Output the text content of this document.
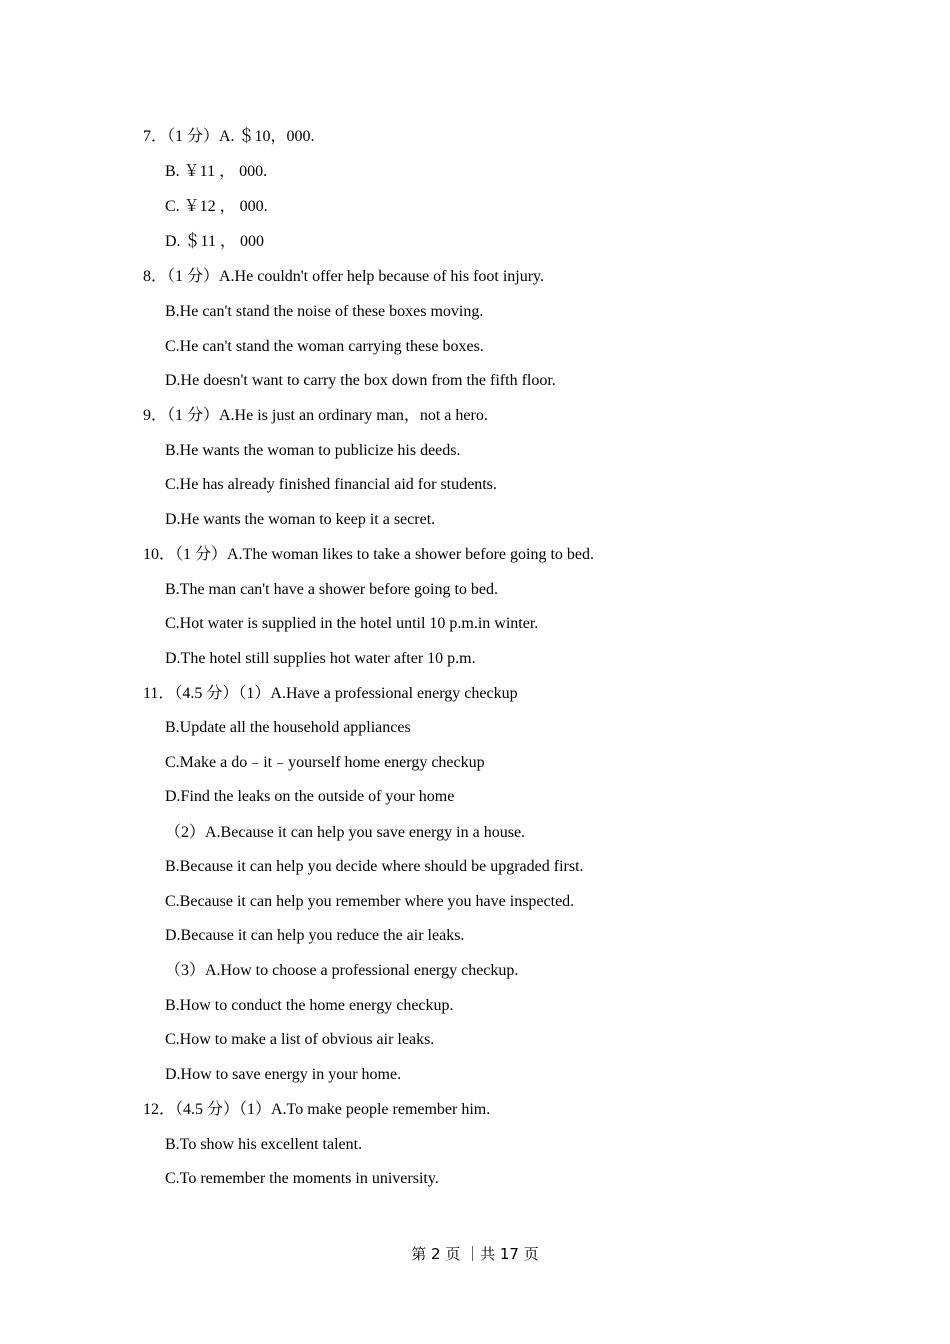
7．（1 分）A. ＄10，000.
B. ￥11 ， 000.
C. ￥12 ， 000.
D. ＄11 ， 000
8．（1 分）A.He couldn't offer help because of his foot injury.
B.He can't stand the noise of these boxes moving.
C.He can't stand the woman carrying these boxes.
D.He doesn't want to carry the box down from the fifth floor.
9．（1 分）A.He is just an ordinary man，not a hero.
B.He wants the woman to publicize his deeds.
C.He has already finished financial aid for students.
D.He wants the woman to keep it a secret.
10．（1 分）A.The woman likes to take a shower before going to bed.
B.The man can't have a shower before going to bed.
C.Hot water is supplied in the hotel until 10 p.m.in winter.
D.The hotel still supplies hot water after 10 p.m.
11．（4.5 分）（1）A.Have a professional energy checkup
B.Update all the household appliances
C.Make a do﹣it﹣yourself home energy checkup
D.Find the leaks on the outside of your home
（2）A.Because it can help you save energy in a house.
B.Because it can help you decide where should be upgraded first.
C.Because it can help you remember where you have inspected.
D.Because it can help you reduce the air leaks.
（3）A.How to choose a professional energy checkup.
B.How to conduct the home energy checkup.
C.How to make a list of obvious air leaks.
D.How to save energy in your home.
12．（4.5 分）（1）A.To make people remember him.
B.To show his excellent talent.
C.To remember the moments in university.
第 2 页 ｜共 17 页
